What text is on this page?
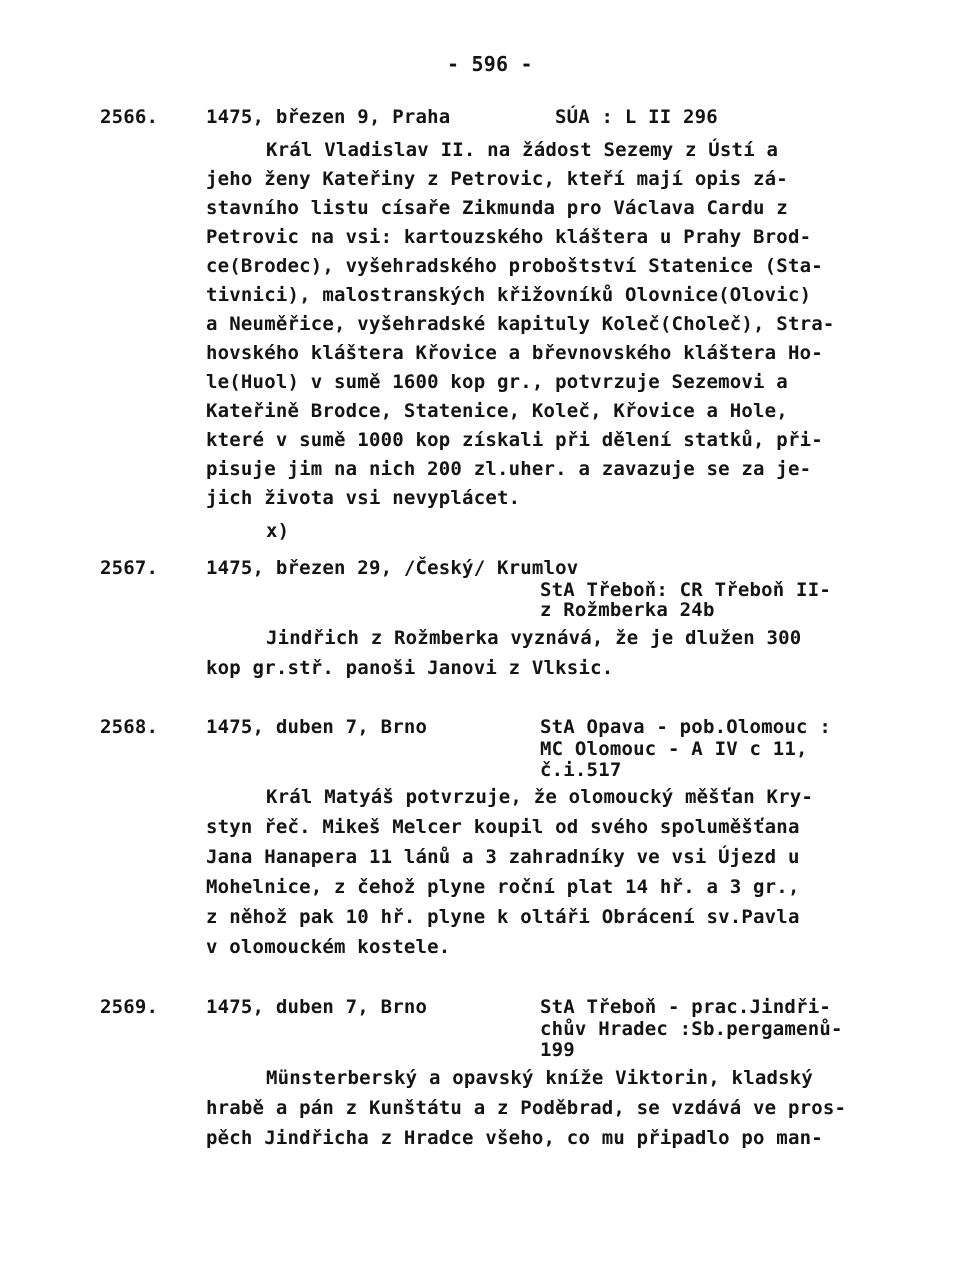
- 596 -
2566.	1475, březen 9, Praha	SÚA : L II 296
Král Vladislav II. na žádost Sezemy z Ústí a
jeho ženy Kateřiny z Petrovic, kteří mají opis zá-
stavního listu císaře Zikmunda pro Václava Cardu z
Petrovic na vsi: kartouzského kláštera u Prahy Brod-
ce(Brodec), vyšehradského proboštství Statenice (Sta-
tivnici), malostranských křižovníků Olovnice(Olovic)
a Neuměřice, vyšehradské kapituly Koleč(Choleč), Stra-
hovského kláštera Křovice a břevnovského kláštera Ho-
le(Huol) v sumě 1600 kop gr., potvrzuje Sezemovi a
Kateřině Brodce, Statenice, Koleč, Křovice a Hole,
které v sumě 1000 kop získali při dělení statků, při-
pisuje jim na nich 200 zl.uher. a zavazuje se za je-
jich života vsi nevyplácet.
x)
2567.	1475, březen 29, /Český/ Krumlov
StA Třeboň: CR Třeboň II-
z Rožmberka 24b
Jindřich z Rožmberka vyznává, že je dlužen 300
kop gr.stř. panoši Janovi z Vlksic.
2568.	1475, duben 7, Brno	StA Opava - pob.Olomouc :
MC Olomouc - A IV c 11,
č.i.517
Král Matyáš potvrzuje, že olomoucký měšťan Kry-
styn řeč. Mikeš Melcer koupil od svého spoluměšťana
Jana Hanapera 11 lánů a 3 zahradníky ve vsi Újezd u
Mohelnice, z čehož plyne roční plat 14 hř. a 3 gr.,
z něhož pak 10 hř. plyne k oltáři Obrácení sv.Pavla
v olomouckém kostele.
2569.	1475, duben 7, Brno	StA Třeboň - prac.Jindři-
chův Hradec :Sb.pergamenů-
199
Münsterberský a opavský kníže Viktorin, kladský
hrabě a pán z Kunštátu a z Poděbrad, se vzdává ve pros-
pěch Jindřicha z Hradce všeho, co mu připadlo po man-
